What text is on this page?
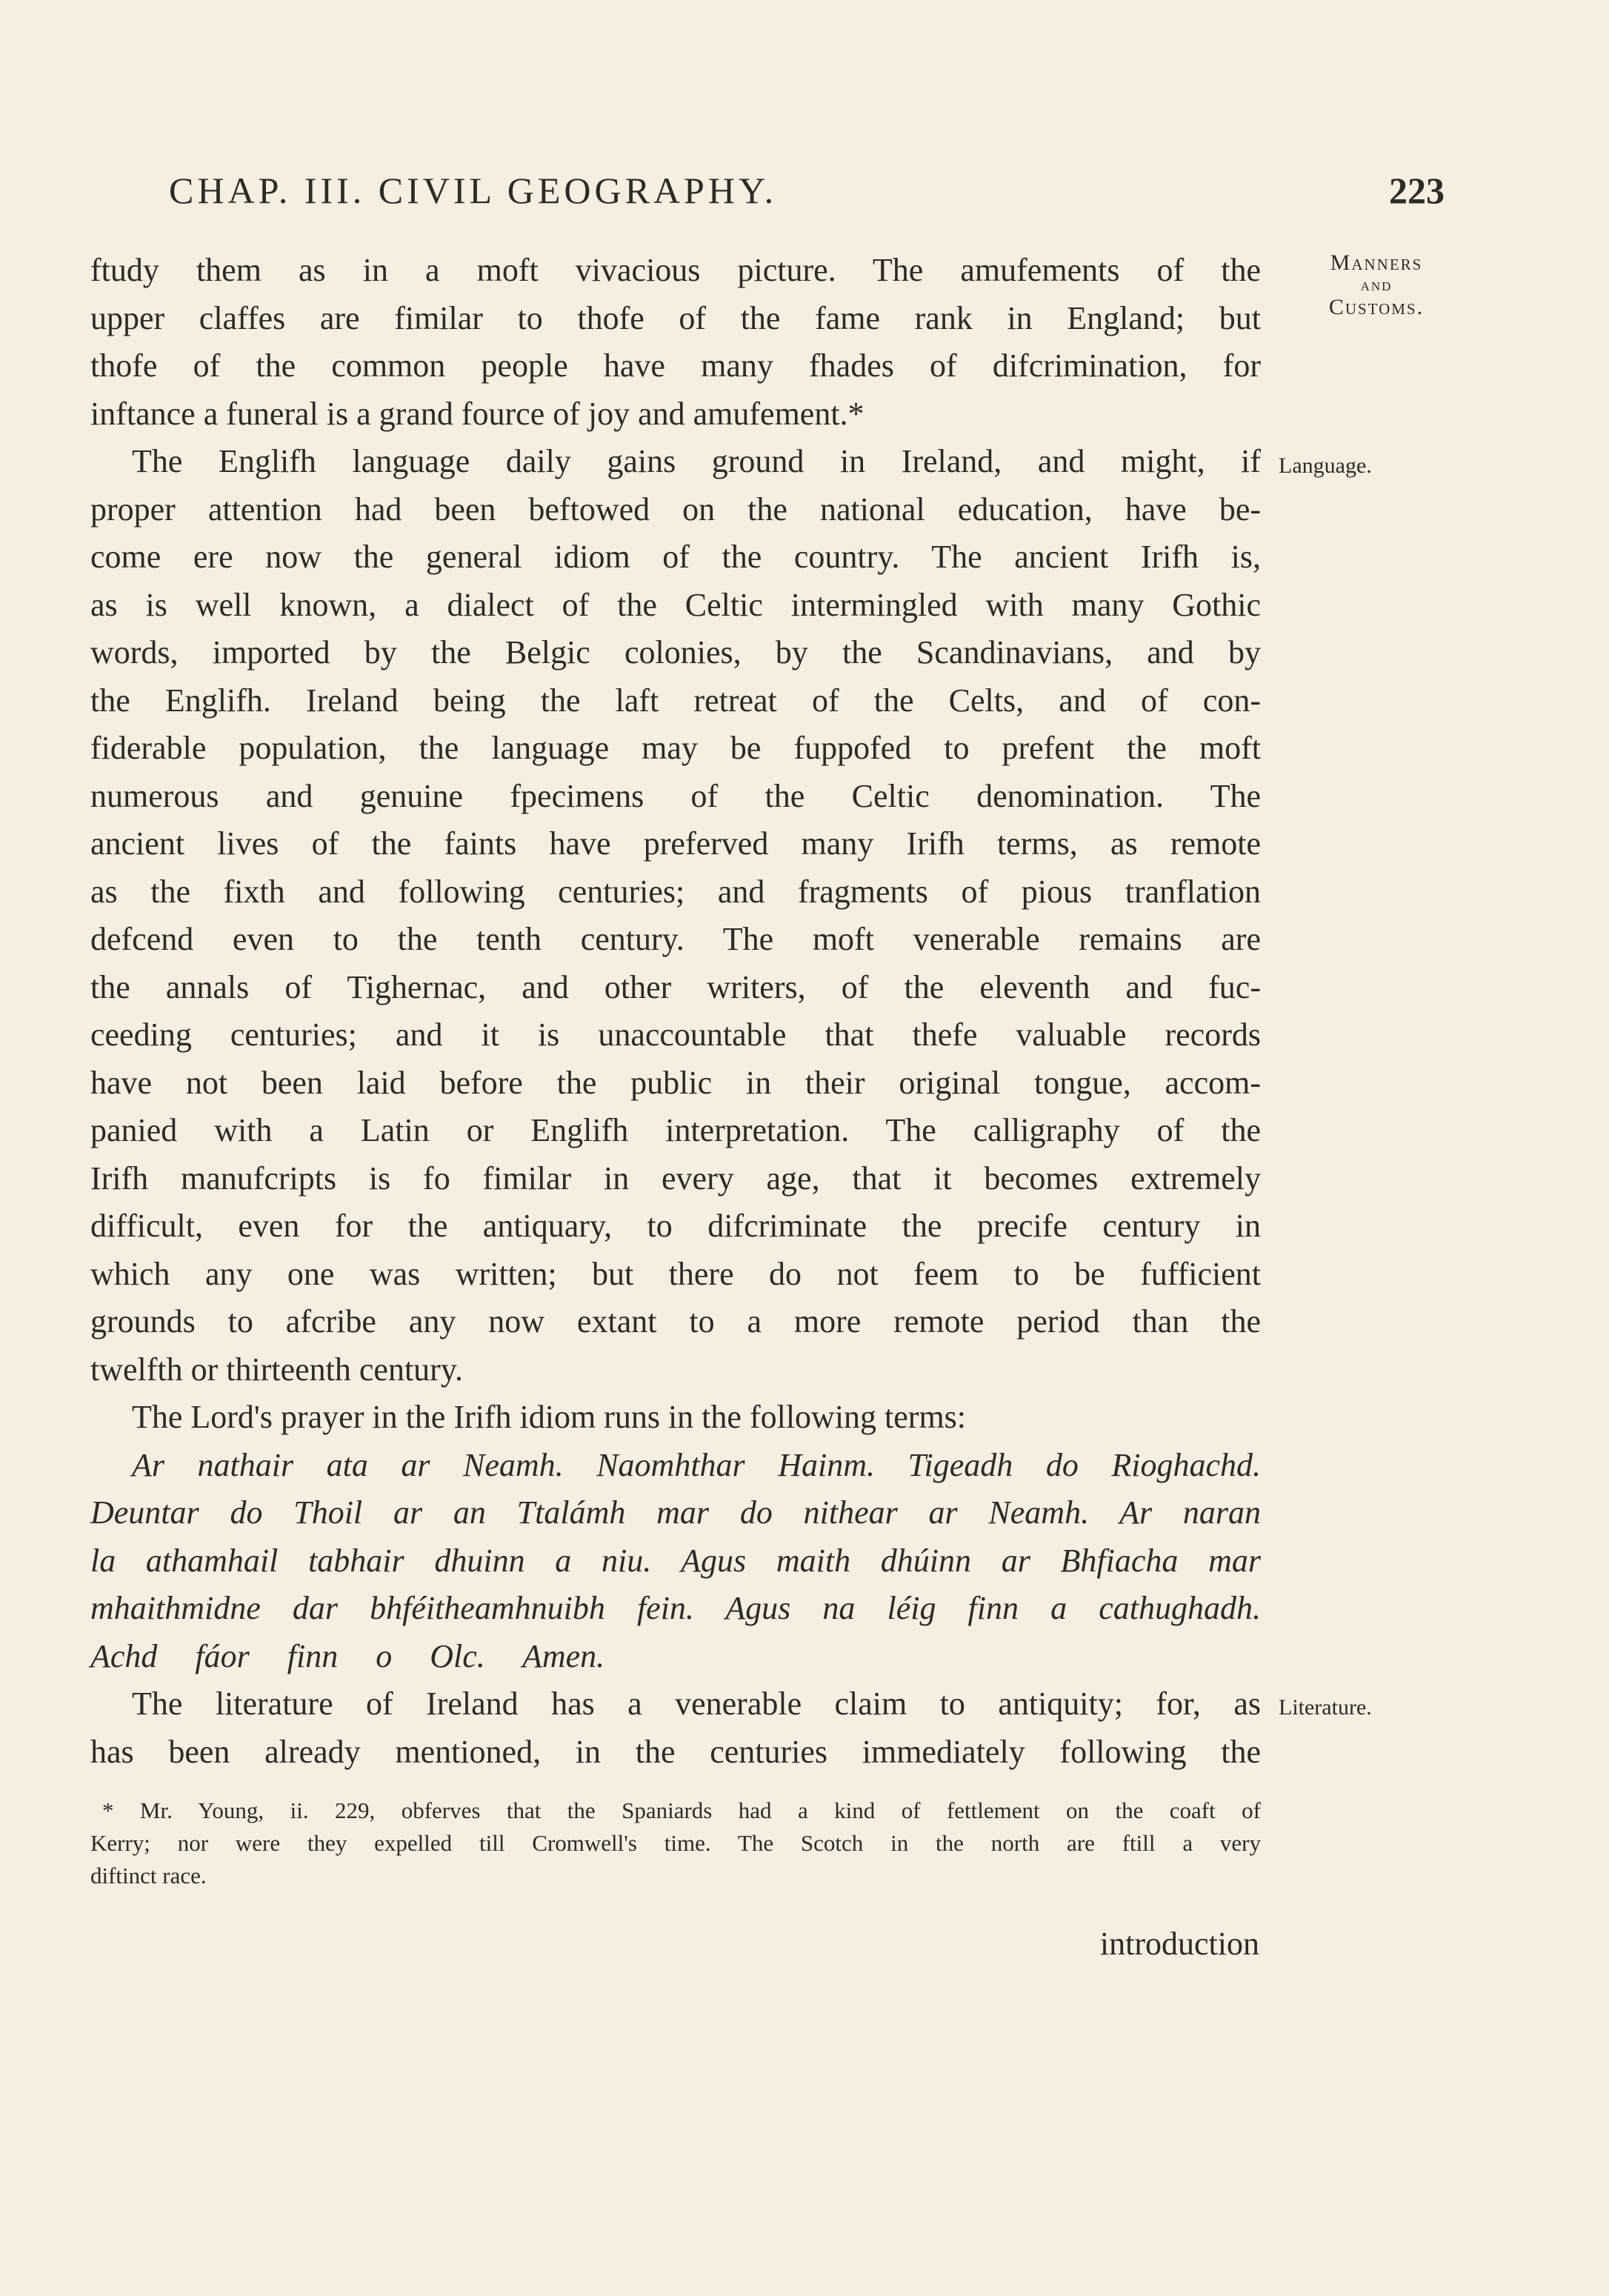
CHAP. III. CIVIL GEOGRAPHY.	223
Manners
and
Customs.
Language.
Literature.
ftudy them as in a moft vivacious picture. The amufements of the
upper claffes are fimilar to thofe of the fame rank in England; but
thofe of the common people have many fhades of difcrimination, for
inftance a funeral is a grand fource of joy and amufement.*
The Englifh language daily gains ground in Ireland, and might, if
proper attention had been beftowed on the national education, have be-
come ere now the general idiom of the country. The ancient Irifh is,
as is well known, a dialect of the Celtic intermingled with many Gothic
words, imported by the Belgic colonies, by the Scandinavians, and by
the Englifh. Ireland being the laft retreat of the Celts, and of con-
fiderable population, the language may be fuppofed to prefent the moft
numerous and genuine fpecimens of the Celtic denomination. The
ancient lives of the faints have preferved many Irifh terms, as remote
as the fixth and following centuries; and fragments of pious tranflation
defcend even to the tenth century. The moft venerable remains are
the annals of Tighernac, and other writers, of the eleventh and fuc-
ceeding centuries; and it is unaccountable that thefe valuable records
have not been laid before the public in their original tongue, accom-
panied with a Latin or Englifh interpretation. The calligraphy of the
Irifh manufcripts is fo fimilar in every age, that it becomes extremely
difficult, even for the antiquary, to difcriminate the precife century in
which any one was written; but there do not feem to be fufficient
grounds to afcribe any now extant to a more remote period than the
twelfth or thirteenth century.
The Lord's prayer in the Irifh idiom runs in the following terms:
Ar nathair ata ar Neamh. Naomhthar Hainm. Tigeadh do Rioghachd.
Deuntar do Thoil ar an Ttalámh mar do nithear ar Neamh. Ar naran
la athamhail tabhair dhuinn a niu. Agus maith dhúinn ar Bhfiacha mar
mhaithmidne dar bhféitheamhnuibh fein. Agus na léig finn a cathughadh.
Achd fáor finn o Olc. Amen.
The literature of Ireland has a venerable claim to antiquity; for, as
has been already mentioned, in the centuries immediately following the
* Mr. Young, ii. 229, obferves that the Spaniards had a kind of fettlement on the coaft of
Kerry; nor were they expelled till Cromwell's time. The Scotch in the north are ftill a very
diftinct race.
introduction
